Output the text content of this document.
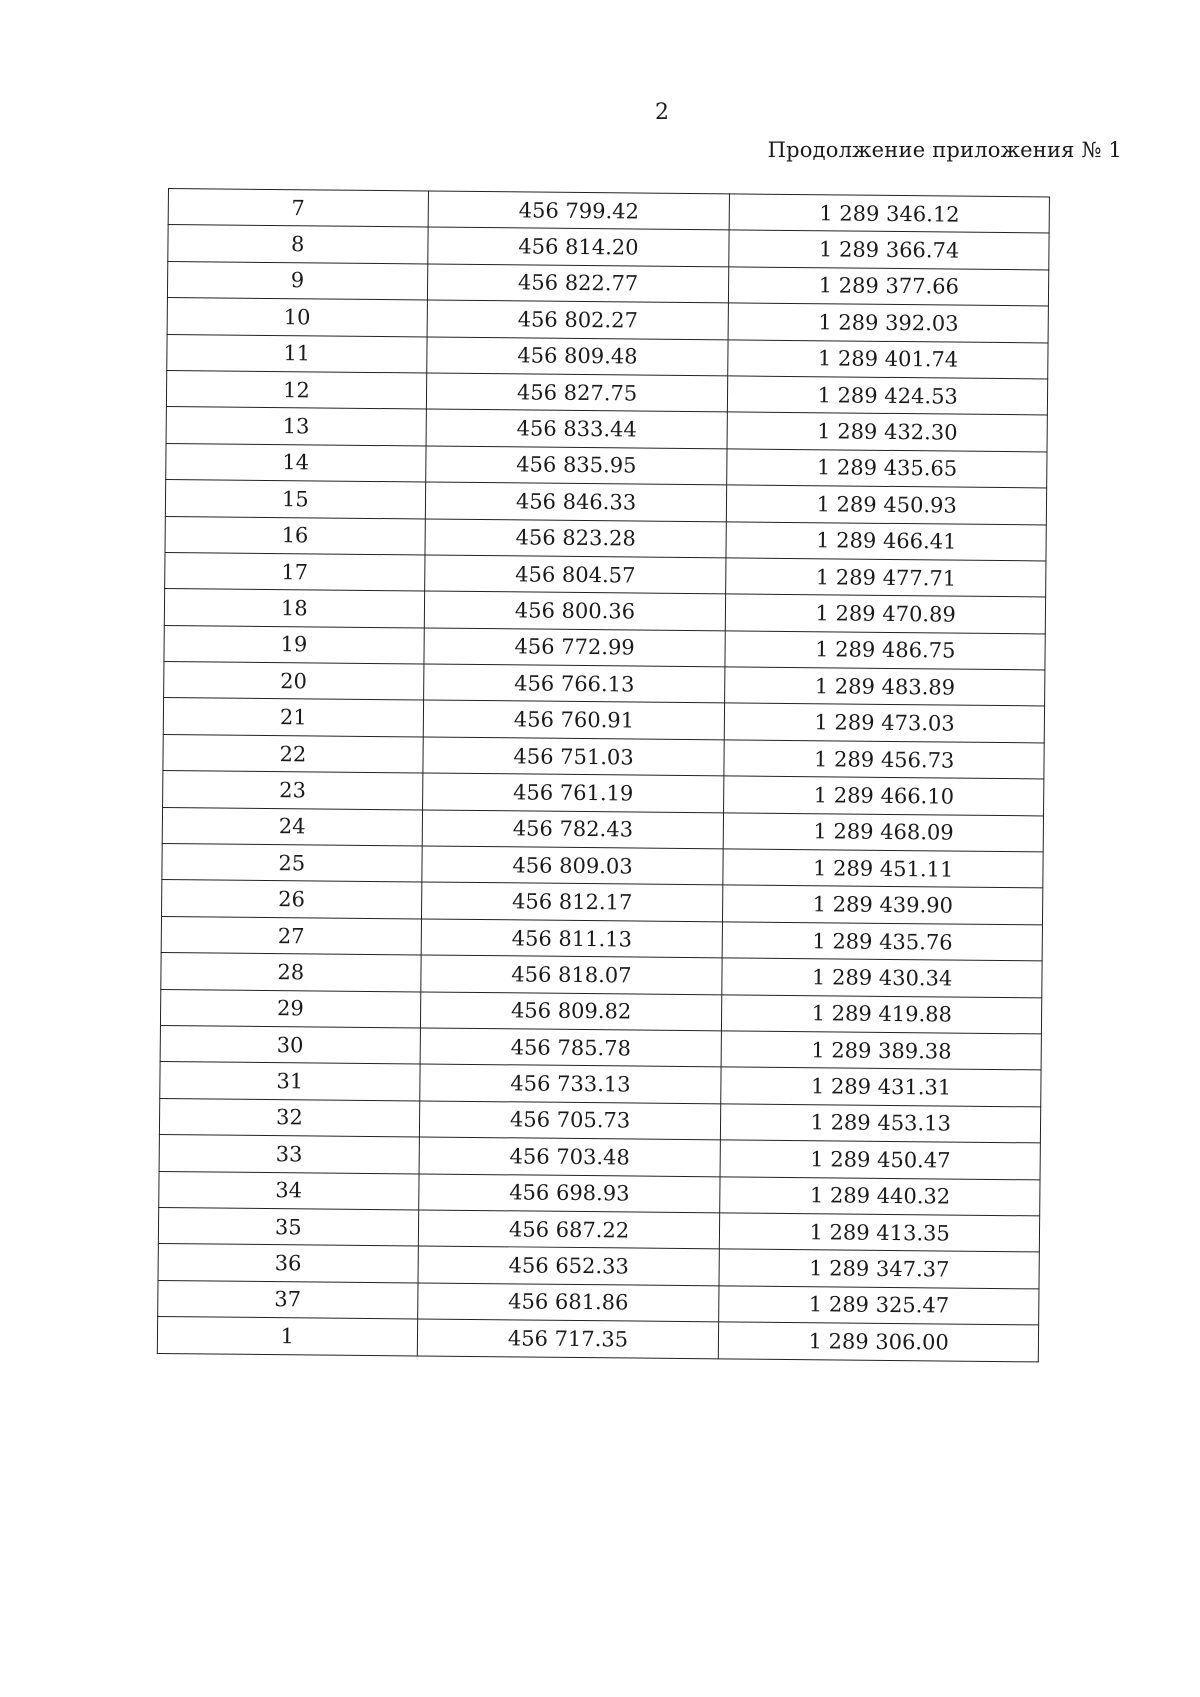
2
Продолжение приложения № 1
7	456 799.42	1 289 346.12
8	456 814.20	1 289 366.74
9	456 822.77	1 289 377.66
10	456 802.27	1 289 392.03
11	456 809.48	1 289 401.74
12	456 827.75	1 289 424.53
13	456 833.44	1 289 432.30
14	456 835.95	1 289 435.65
15	456 846.33	1 289 450.93
16	456 823.28	1 289 466.41
17	456 804.57	1 289 477.71
18	456 800.36	1 289 470.89
19	456 772.99	1 289 486.75
20	456 766.13	1 289 483.89
21	456 760.91	1 289 473.03
22	456 751.03	1 289 456.73
23	456 761.19	1 289 466.10
24	456 782.43	1 289 468.09
25	456 809.03	1 289 451.11
26	456 812.17	1 289 439.90
27	456 811.13	1 289 435.76
28	456 818.07	1 289 430.34
29	456 809.82	1 289 419.88
30	456 785.78	1 289 389.38
31	456 733.13	1 289 431.31
32	456 705.73	1 289 453.13
33	456 703.48	1 289 450.47
34	456 698.93	1 289 440.32
35	456 687.22	1 289 413.35
36	456 652.33	1 289 347.37
37	456 681.86	1 289 325.47
1	456 717.35	1 289 306.00
